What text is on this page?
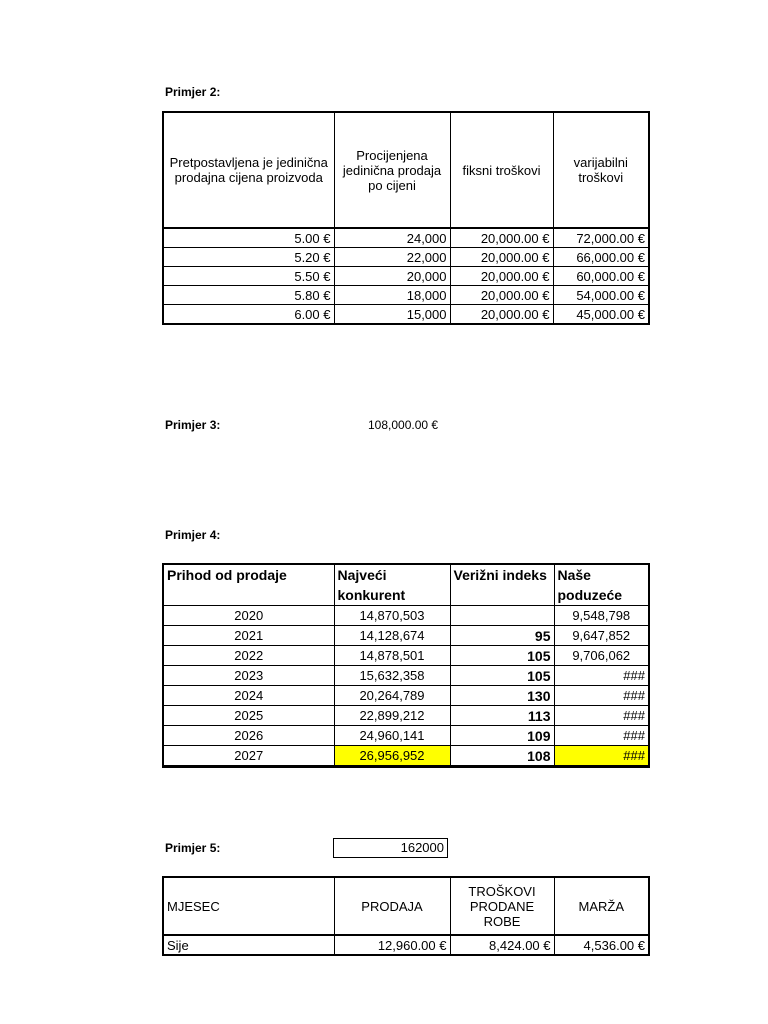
Primjer 2:
Pretpostavljena je jedinična prodajna cijena proizvoda	Procijenjena jedinična prodaja po cijeni	fiksni troškovi	varijabilni troškovi
5.00 €	24,000	20,000.00 €	72,000.00 €
5.20 €	22,000	20,000.00 €	66,000.00 €
5.50 €	20,000	20,000.00 €	60,000.00 €
5.80 €	18,000	20,000.00 €	54,000.00 €
6.00 €	15,000	20,000.00 €	45,000.00 €
Primjer 3:	108,000.00 €
Primjer 4:
Prihod od prodaje	Najveći konkurent	Verižni indeks	Naše poduzeće
2020	14,870,503		9,548,798
2021	14,128,674	95	9,647,852
2022	14,878,501	105	9,706,062
2023	15,632,358	105	###
2024	20,264,789	130	###
2025	22,899,212	113	###
2026	24,960,141	109	###
2027	26,956,952	108	###
Primjer 5:	162000
MJESEC	PRODAJA	TROŠKOVI PRODANE ROBE	MARŽA
Sije	12,960.00 €	8,424.00 €	4,536.00 €
